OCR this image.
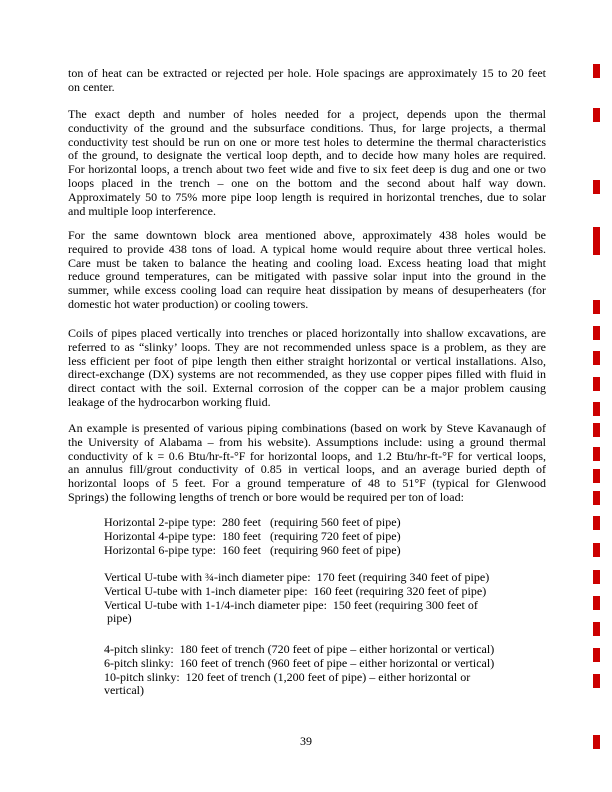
ton of heat can be extracted or rejected per hole. Hole spacings are approximately 15 to 20 feet
on center.
The exact depth and number of holes needed for a project, depends upon the thermal
conductivity of the ground and the subsurface conditions. Thus, for large projects, a thermal
conductivity test should be run on one or more test holes to determine the thermal characteristics
of the ground, to designate the vertical loop depth, and to decide how many holes are required.
For horizontal loops, a trench about two feet wide and five to six feet deep is dug and one or two
loops placed in the trench – one on the bottom and the second about half way down.
Approximately 50 to 75% more pipe loop length is required in horizontal trenches, due to solar
and multiple loop interference.
For the same downtown block area mentioned above, approximately 438 holes would be
required to provide 438 tons of load. A typical home would require about three vertical holes.
Care must be taken to balance the heating and cooling load. Excess heating load that might
reduce ground temperatures, can be mitigated with passive solar input into the ground in the
summer, while excess cooling load can require heat dissipation by means of desuperheaters (for
domestic hot water production) or cooling towers.
Coils of pipes placed vertically into trenches or placed horizontally into shallow excavations, are
referred to as “slinky’ loops. They are not recommended unless space is a problem, as they are
less efficient per foot of pipe length then either straight horizontal or vertical installations. Also,
direct-exchange (DX) systems are not recommended, as they use copper pipes filled with fluid in
direct contact with the soil. External corrosion of the copper can be a major problem causing
leakage of the hydrocarbon working fluid.
An example is presented of various piping combinations (based on work by Steve Kavanaugh of
the University of Alabama – from his website). Assumptions include: using a ground thermal
conductivity of k = 0.6 Btu/hr-ft-°F for horizontal loops, and 1.2 Btu/hr-ft-°F for vertical loops,
an annulus fill/grout conductivity of 0.85 in vertical loops, and an average buried depth of
horizontal loops of 5 feet. For a ground temperature of 48 to 51°F (typical for Glenwood
Springs) the following lengths of trench or bore would be required per ton of load:
Horizontal 2-pipe type:  280 feet   (requiring 560 feet of pipe)
Horizontal 4-pipe type:  180 feet   (requiring 720 feet of pipe)
Horizontal 6-pipe type:  160 feet   (requiring 960 feet of pipe)
Vertical U-tube with ¾-inch diameter pipe:  170 feet (requiring 340 feet of pipe)
Vertical U-tube with 1-inch diameter pipe:  160 feet (requiring 320 feet of pipe)
Vertical U-tube with 1-1/4-inch diameter pipe:  150 feet (requiring 300 feet of
pipe)
4-pitch slinky:  180 feet of trench (720 feet of pipe – either horizontal or vertical)
6-pitch slinky:  160 feet of trench (960 feet of pipe – either horizontal or vertical)
10-pitch slinky:  120 feet of trench (1,200 feet of pipe) – either horizontal or
vertical)
39
